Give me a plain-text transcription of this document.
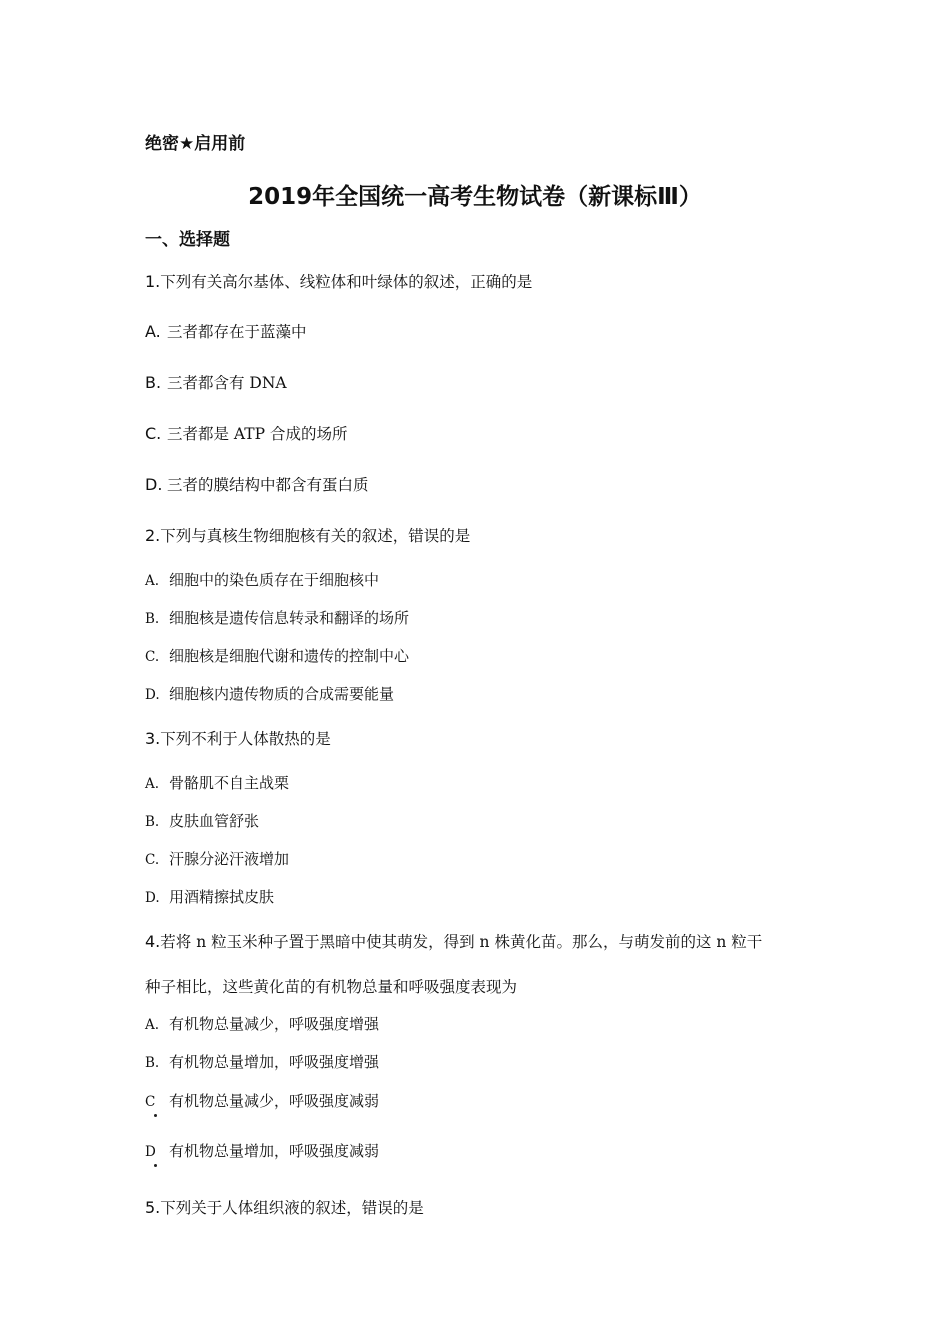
绝密★启用前
2019年全国统一高考生物试卷（新课标Ⅲ）
一、选择题
1.下列有关高尔基体、线粒体和叶绿体的叙述，正确的是
A. 三者都存在于蓝藻中
B. 三者都含有 DNA
C. 三者都是 ATP 合成的场所
D. 三者的膜结构中都含有蛋白质
2.下列与真核生物细胞核有关的叙述，错误的是
A. 细胞中的染色质存在于细胞核中
B. 细胞核是遗传信息转录和翻译的场所
C. 细胞核是细胞代谢和遗传的控制中心
D. 细胞核内遗传物质的合成需要能量
3.下列不利于人体散热的是
A. 骨骼肌不自主战栗
B. 皮肤血管舒张
C. 汗腺分泌汗液增加
D. 用酒精擦拭皮肤
4.若将 n 粒玉米种子置于黑暗中使其萌发，得到 n 株黄化苗。那么，与萌发前的这 n 粒干
种子相比，这些黄化苗的有机物总量和呼吸强度表现为
A. 有机物总量减少，呼吸强度增强
B. 有机物总量增加，呼吸强度增强
C 有机物总量减少，呼吸强度减弱
D 有机物总量增加，呼吸强度减弱
5.下列关于人体组织液的叙述，错误的是
